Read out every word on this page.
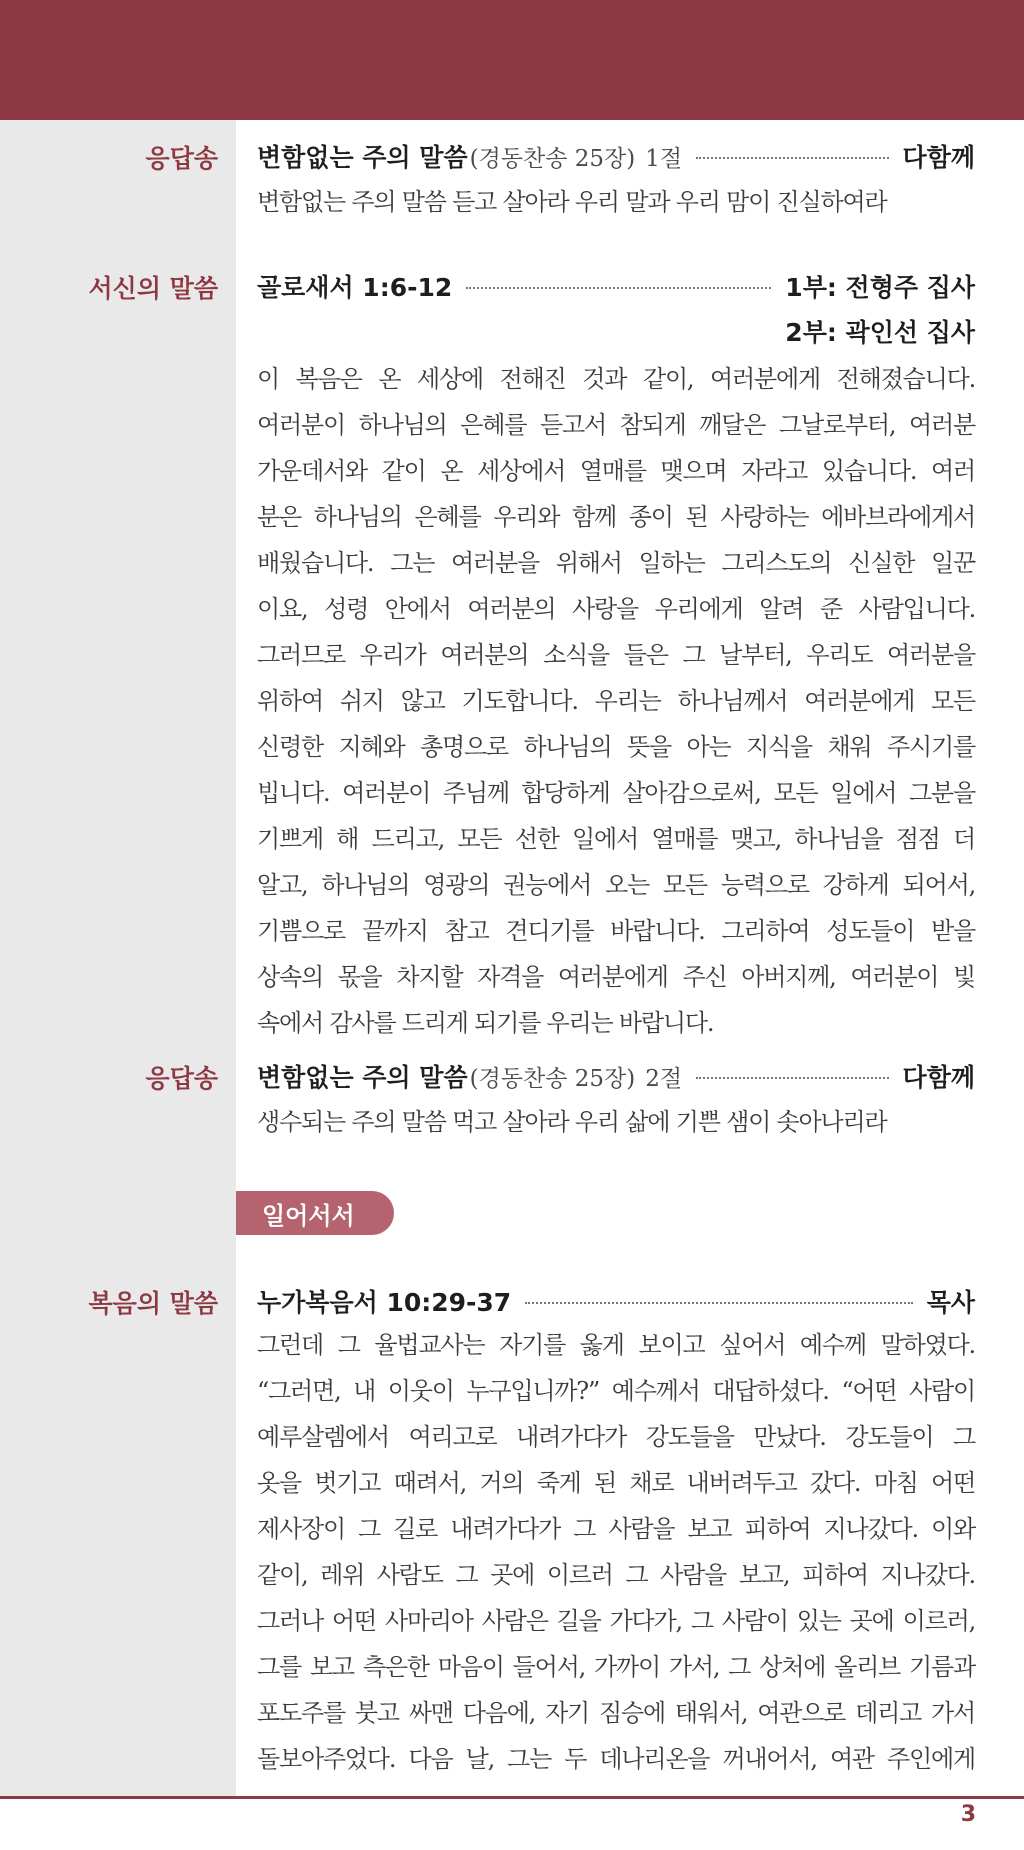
응답송 변함없는 주의 말씀 (경동찬송 25장) 1절	다함께
변함없는 주의 말씀 듣고 살아라 우리 말과 우리 맘이 진실하여라
서신의 말씀 골로새서 1:6-12	1부: 전형주 집사
2부: 곽인선 집사
이 복음은 온 세상에 전해진 것과 같이, 여러분에게 전해졌습니다.
여러분이 하나님의 은혜를 듣고서 참되게 깨달은 그날로부터, 여러분
가운데서와 같이 온 세상에서 열매를 맺으며 자라고 있습니다. 여러
분은 하나님의 은혜를 우리와 함께 종이 된 사랑하는 에바브라에게서
배웠습니다. 그는 여러분을 위해서 일하는 그리스도의 신실한 일꾼
이요, 성령 안에서 여러분의 사랑을 우리에게 알려 준 사람입니다.
그러므로 우리가 여러분의 소식을 들은 그 날부터, 우리도 여러분을
위하여 쉬지 않고 기도합니다. 우리는 하나님께서 여러분에게 모든
신령한 지혜와 총명으로 하나님의 뜻을 아는 지식을 채워 주시기를
빕니다. 여러분이 주님께 합당하게 살아감으로써, 모든 일에서 그분을
기쁘게 해 드리고, 모든 선한 일에서 열매를 맺고, 하나님을 점점 더
알고, 하나님의 영광의 권능에서 오는 모든 능력으로 강하게 되어서,
기쁨으로 끝까지 참고 견디기를 바랍니다. 그리하여 성도들이 받을
상속의 몫을 차지할 자격을 여러분에게 주신 아버지께, 여러분이 빛
속에서 감사를 드리게 되기를 우리는 바랍니다.
응답송 변함없는 주의 말씀 (경동찬송 25장) 2절	다함께
생수되는 주의 말씀 먹고 살아라 우리 삶에 기쁜 샘이 솟아나리라
일어서서
복음의 말씀 누가복음서 10:29-37	목사
그런데 그 율법교사는 자기를 옳게 보이고 싶어서 예수께 말하였다.
“그러면, 내 이웃이 누구입니까?” 예수께서 대답하셨다. “어떤 사람이
예루살렘에서 여리고로 내려가다가 강도들을 만났다. 강도들이 그
옷을 벗기고 때려서, 거의 죽게 된 채로 내버려두고 갔다. 마침 어떤
제사장이 그 길로 내려가다가 그 사람을 보고 피하여 지나갔다. 이와
같이, 레위 사람도 그 곳에 이르러 그 사람을 보고, 피하여 지나갔다.
그러나 어떤 사마리아 사람은 길을 가다가, 그 사람이 있는 곳에 이르러,
그를 보고 측은한 마음이 들어서, 가까이 가서, 그 상처에 올리브 기름과
포도주를 붓고 싸맨 다음에, 자기 짐승에 태워서, 여관으로 데리고 가서
돌보아주었다. 다음 날, 그는 두 데나리온을 꺼내어서, 여관 주인에게
3
